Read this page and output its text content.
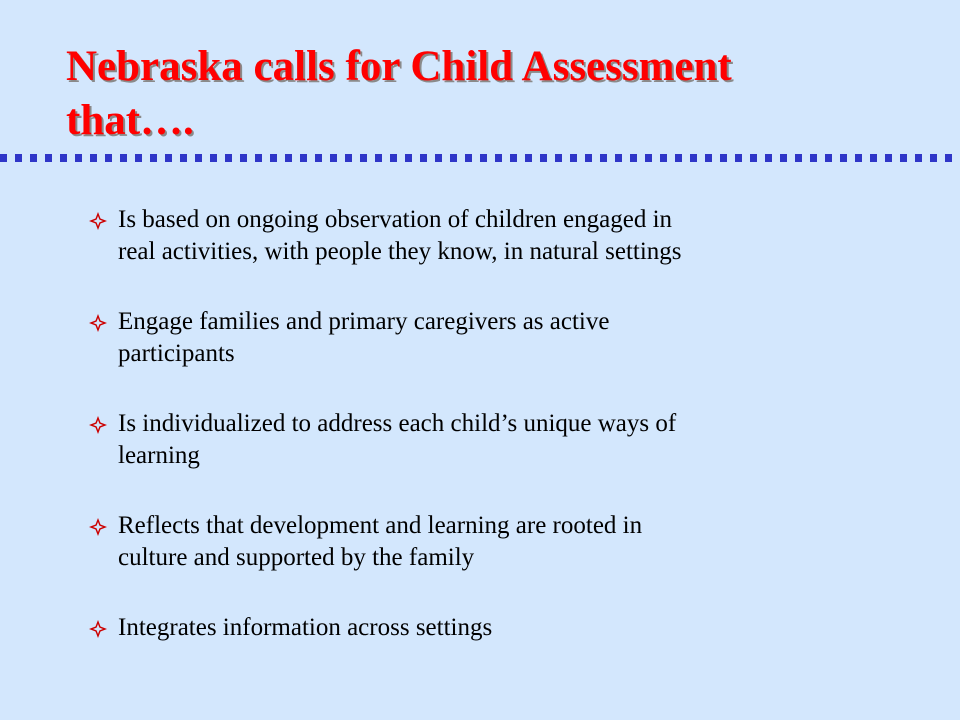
Nebraska calls for Child Assessment
that….
Is based on ongoing observation of children engaged in
real activities, with people they know, in natural settings
Engage families and primary caregivers as active
participants
Is individualized to address each child’s unique ways of
learning
Reflects that development and learning are rooted in
culture and supported by the family
Integrates information across settings
